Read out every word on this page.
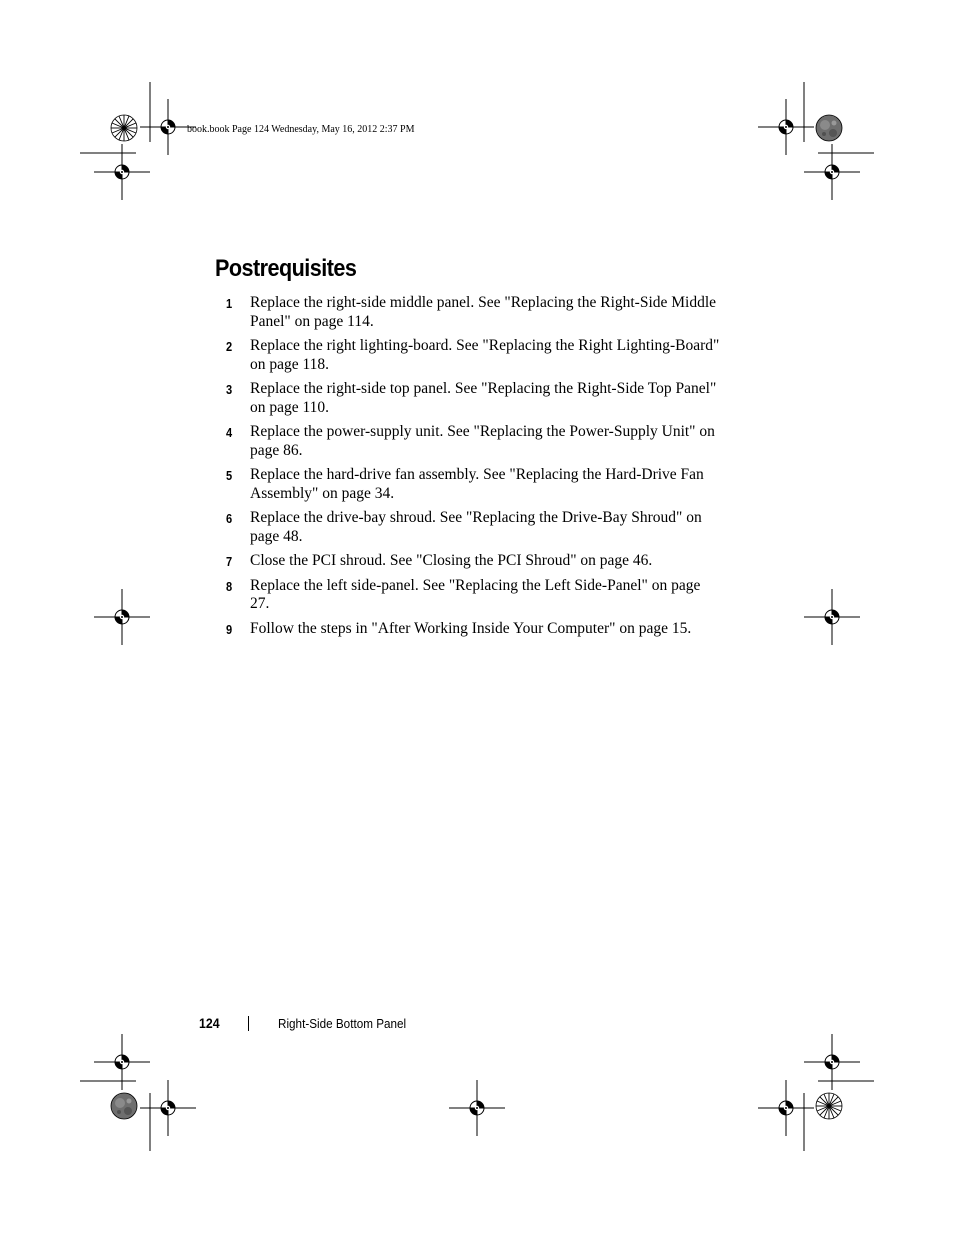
book.book Page 124 Wednesday, May 16, 2012 2:37 PM
Postrequisites
1 Replace the right-side middle panel. See "Replacing the Right-Side Middle Panel" on page 114.
2 Replace the right lighting-board. See "Replacing the Right Lighting-Board" on page 118.
3 Replace the right-side top panel. See "Replacing the Right-Side Top Panel" on page 110.
4 Replace the power-supply unit. See "Replacing the Power-Supply Unit" on page 86.
5 Replace the hard-drive fan assembly. See "Replacing the Hard-Drive Fan Assembly" on page 34.
6 Replace the drive-bay shroud. See "Replacing the Drive-Bay Shroud" on page 48.
7 Close the PCI shroud. See "Closing the PCI Shroud" on page 46.
8 Replace the left side-panel. See "Replacing the Left Side-Panel" on page 27.
9 Follow the steps in "After Working Inside Your Computer" on page 15.
124	Right-Side Bottom Panel
